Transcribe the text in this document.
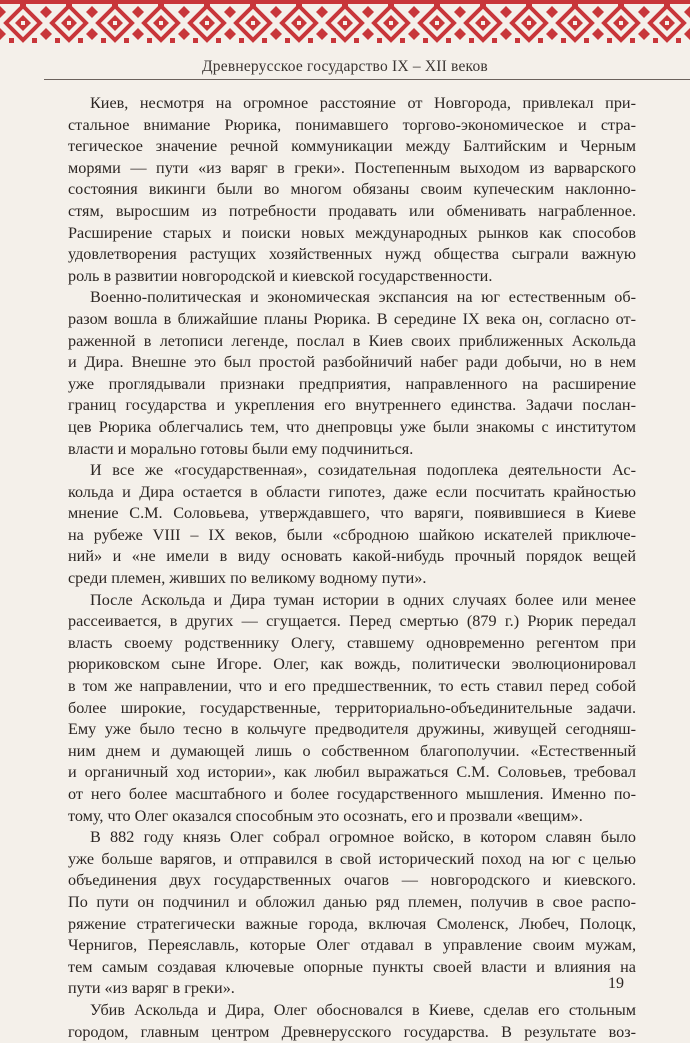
Древнерусское государство IX – XII веков
Киев, несмотря на огромное расстояние от Новгорода, привлекал при-
стальное внимание Рюрика, понимавшего торгово-экономическое и стра-
тегическое значение речной коммуникации между Балтийским и Черным
морями — пути «из варяг в греки». Постепенным выходом из варварского
состояния викинги были во многом обязаны своим купеческим наклонно-
стям, выросшим из потребности продавать или обменивать награбленное.
Расширение старых и поиски новых международных рынков как способов
удовлетворения растущих хозяйственных нужд общества сыграли важную
роль в развитии новгородской и киевской государственности.
Военно-политическая и экономическая экспансия на юг естественным об-
разом вошла в ближайшие планы Рюрика. В середине IX века он, согласно от-
раженной в летописи легенде, послал в Киев своих приближенных Аскольда
и Дира. Внешне это был простой разбойничий набег ради добычи, но в нем
уже проглядывали признаки предприятия, направленного на расширение
границ государства и укрепления его внутреннего единства. Задачи послан-
цев Рюрика облегчались тем, что днепровцы уже были знакомы с институтом
власти и морально готовы были ему подчиниться.
И все же «государственная», созидательная подоплека деятельности Ас-
кольда и Дира остается в области гипотез, даже если посчитать крайностью
мнение С.М. Соловьева, утверждавшего, что варяги, появившиеся в Киеве
на рубеже VIII – IX веков, были «сбродною шайкою искателей приключе-
ний» и «не имели в виду основать какой-нибудь прочный порядок вещей
среди племен, живших по великому водному пути».
После Аскольда и Дира туман истории в одних случаях более или менее
рассеивается, в других — сгущается. Перед смертью (879 г.) Рюрик передал
власть своему родственнику Олегу, ставшему одновременно регентом при
рюриковском сыне Игоре. Олег, как вождь, политически эволюционировал
в том же направлении, что и его предшественник, то есть ставил перед собой
более широкие, государственные, территориально-объединительные задачи.
Ему уже было тесно в кольчуге предводителя дружины, живущей сегодняш-
ним днем и думающей лишь о собственном благополучии. «Естественный
и органичный ход истории», как любил выражаться С.М. Соловьев, требовал
от него более масштабного и более государственного мышления. Именно по-
тому, что Олег оказался способным это осознать, его и прозвали «вещим».
В 882 году князь Олег собрал огромное войско, в котором славян было
уже больше варягов, и отправился в свой исторический поход на юг с целью
объединения двух государственных очагов — новгородского и киевского.
По пути он подчинил и обложил данью ряд племен, получив в свое распо-
ряжение стратегически важные города, включая Смоленск, Любеч, Полоцк,
Чернигов, Переяславль, которые Олег отдавал в управление своим мужам,
тем самым создавая ключевые опорные пункты своей власти и влияния на
пути «из варяг в греки».
Убив Аскольда и Дира, Олег обосновался в Киеве, сделав его стольным
городом, главным центром Древнерусского государства. В результате воз-
19
